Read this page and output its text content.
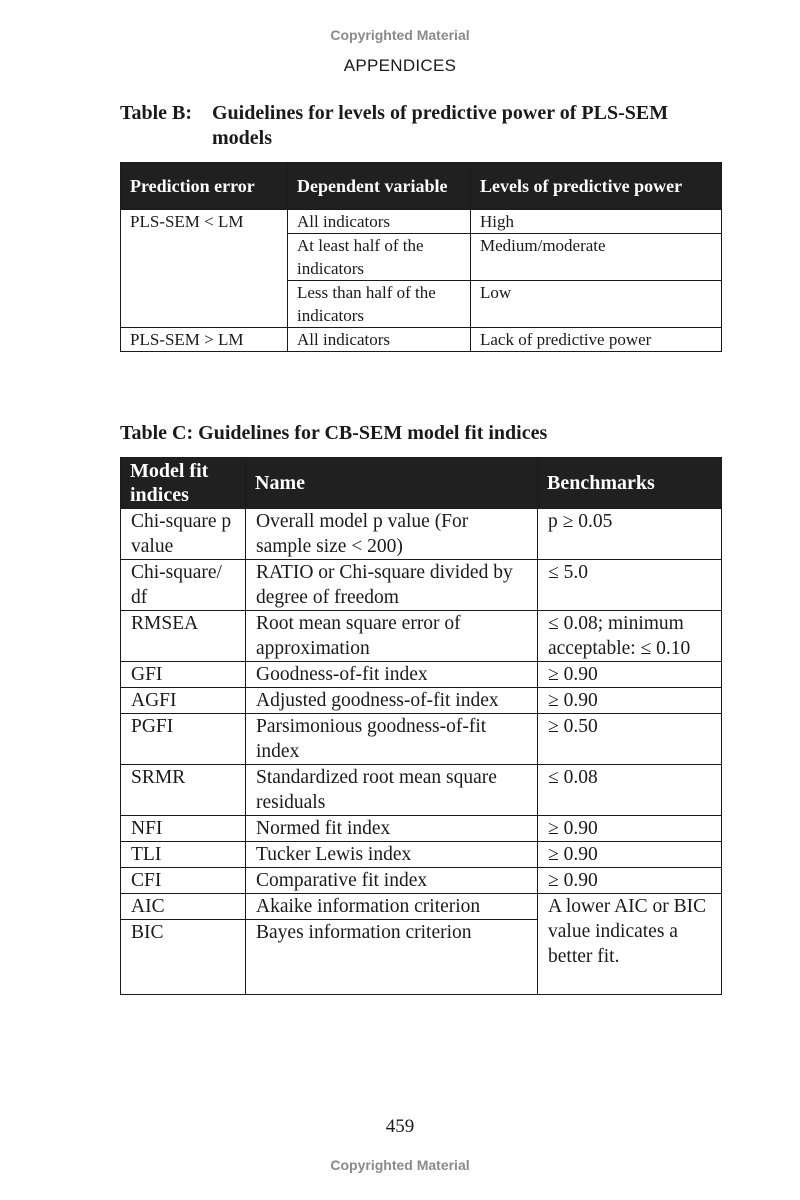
Copyrighted Material
APPENDICES
Table B: Guidelines for levels of predictive power of PLS-SEM models
Prediction error	Dependent variable	Levels of predictive power
PLS-SEM < LM	All indicators	High
	At least half of the indicators	Medium/moderate
	Less than half of the indicators	Low
PLS-SEM > LM	All indicators	Lack of predictive power
Table C: Guidelines for CB-SEM model fit indices
Model fit indices	Name	Benchmarks
Chi-square p value	Overall model p value (For sample size < 200)	p ≥ 0.05
Chi-square/ df	RATIO or Chi-square divided by degree of freedom	≤ 5.0
RMSEA	Root mean square error of approximation	≤ 0.08; minimum acceptable: ≤ 0.10
GFI	Goodness-of-fit index	≥ 0.90
AGFI	Adjusted goodness-of-fit index	≥ 0.90
PGFI	Parsimonious goodness-of-fit index	≥ 0.50
SRMR	Standardized root mean square residuals	≤ 0.08
NFI	Normed fit index	≥ 0.90
TLI	Tucker Lewis index	≥ 0.90
CFI	Comparative fit index	≥ 0.90
AIC	Akaike information criterion	A lower AIC or BIC value indicates a better fit.
BIC	Bayes information criterion	
459
Copyrighted Material
